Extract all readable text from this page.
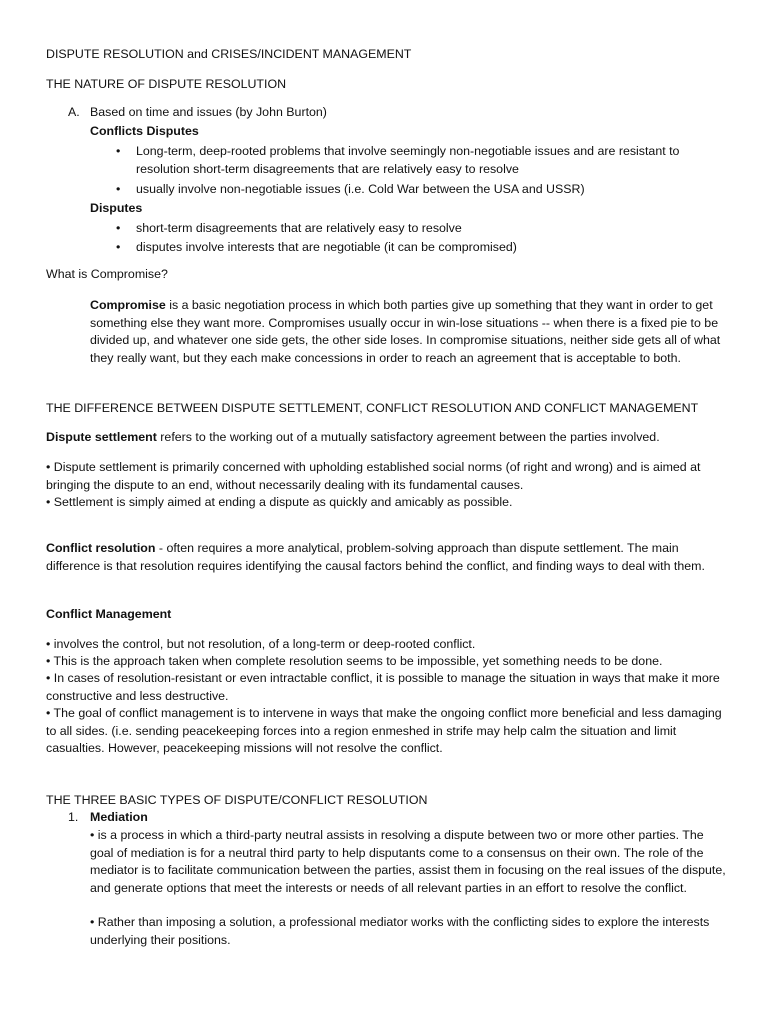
DISPUTE RESOLUTION and CRISES/INCIDENT MANAGEMENT

THE NATURE OF DISPUTE RESOLUTION

A. Based on time and issues (by John Burton)

Conflicts Disputes

• Long-term, deep-rooted problems that involve seemingly non-negotiable issues and are resistant to resolution short-term disagreements that are relatively easy to resolve
• usually involve non-negotiable issues (i.e. Cold War between the USA and USSR)

Disputes

• short-term disagreements that are relatively easy to resolve
• disputes involve interests that are negotiable (it can be compromised)

What is Compromise?

Compromise is a basic negotiation process in which both parties give up something that they want in order to get something else they want more. Compromises usually occur in win-lose situations -- when there is a fixed pie to be divided up, and whatever one side gets, the other side loses. In compromise situations, neither side gets all of what they really want, but they each make concessions in order to reach an agreement that is acceptable to both.

THE DIFFERENCE BETWEEN DISPUTE SETTLEMENT, CONFLICT RESOLUTION AND CONFLICT MANAGEMENT

Dispute settlement refers to the working out of a mutually satisfactory agreement between the parties involved.

• Dispute settlement is primarily concerned with upholding established social norms (of right and wrong) and is aimed at bringing the dispute to an end, without necessarily dealing with its fundamental causes.

• Settlement is simply aimed at ending a dispute as quickly and amicably as possible.

Conflict resolution - often requires a more analytical, problem-solving approach than dispute settlement. The main difference is that resolution requires identifying the causal factors behind the conflict, and finding ways to deal with them.

Conflict Management

• involves the control, but not resolution, of a long-term or deep-rooted conflict.

• This is the approach taken when complete resolution seems to be impossible, yet something needs to be done.

• In cases of resolution-resistant or even intractable conflict, it is possible to manage the situation in ways that make it more constructive and less destructive.

• The goal of conflict management is to intervene in ways that make the ongoing conflict more beneficial and less damaging to all sides. (i.e. sending peacekeeping forces into a region enmeshed in strife may help calm the situation and limit casualties. However, peacekeeping missions will not resolve the conflict.

THE THREE BASIC TYPES OF DISPUTE/CONFLICT RESOLUTION

1. Mediation

• is a process in which a third-party neutral assists in resolving a dispute between two or more other parties. The goal of mediation is for a neutral third party to help disputants come to a consensus on their own. The role of the mediator is to facilitate communication between the parties, assist them in focusing on the real issues of the dispute, and generate options that meet the interests or needs of all relevant parties in an effort to resolve the conflict.

• Rather than imposing a solution, a professional mediator works with the conflicting sides to explore the interests underlying their positions.
